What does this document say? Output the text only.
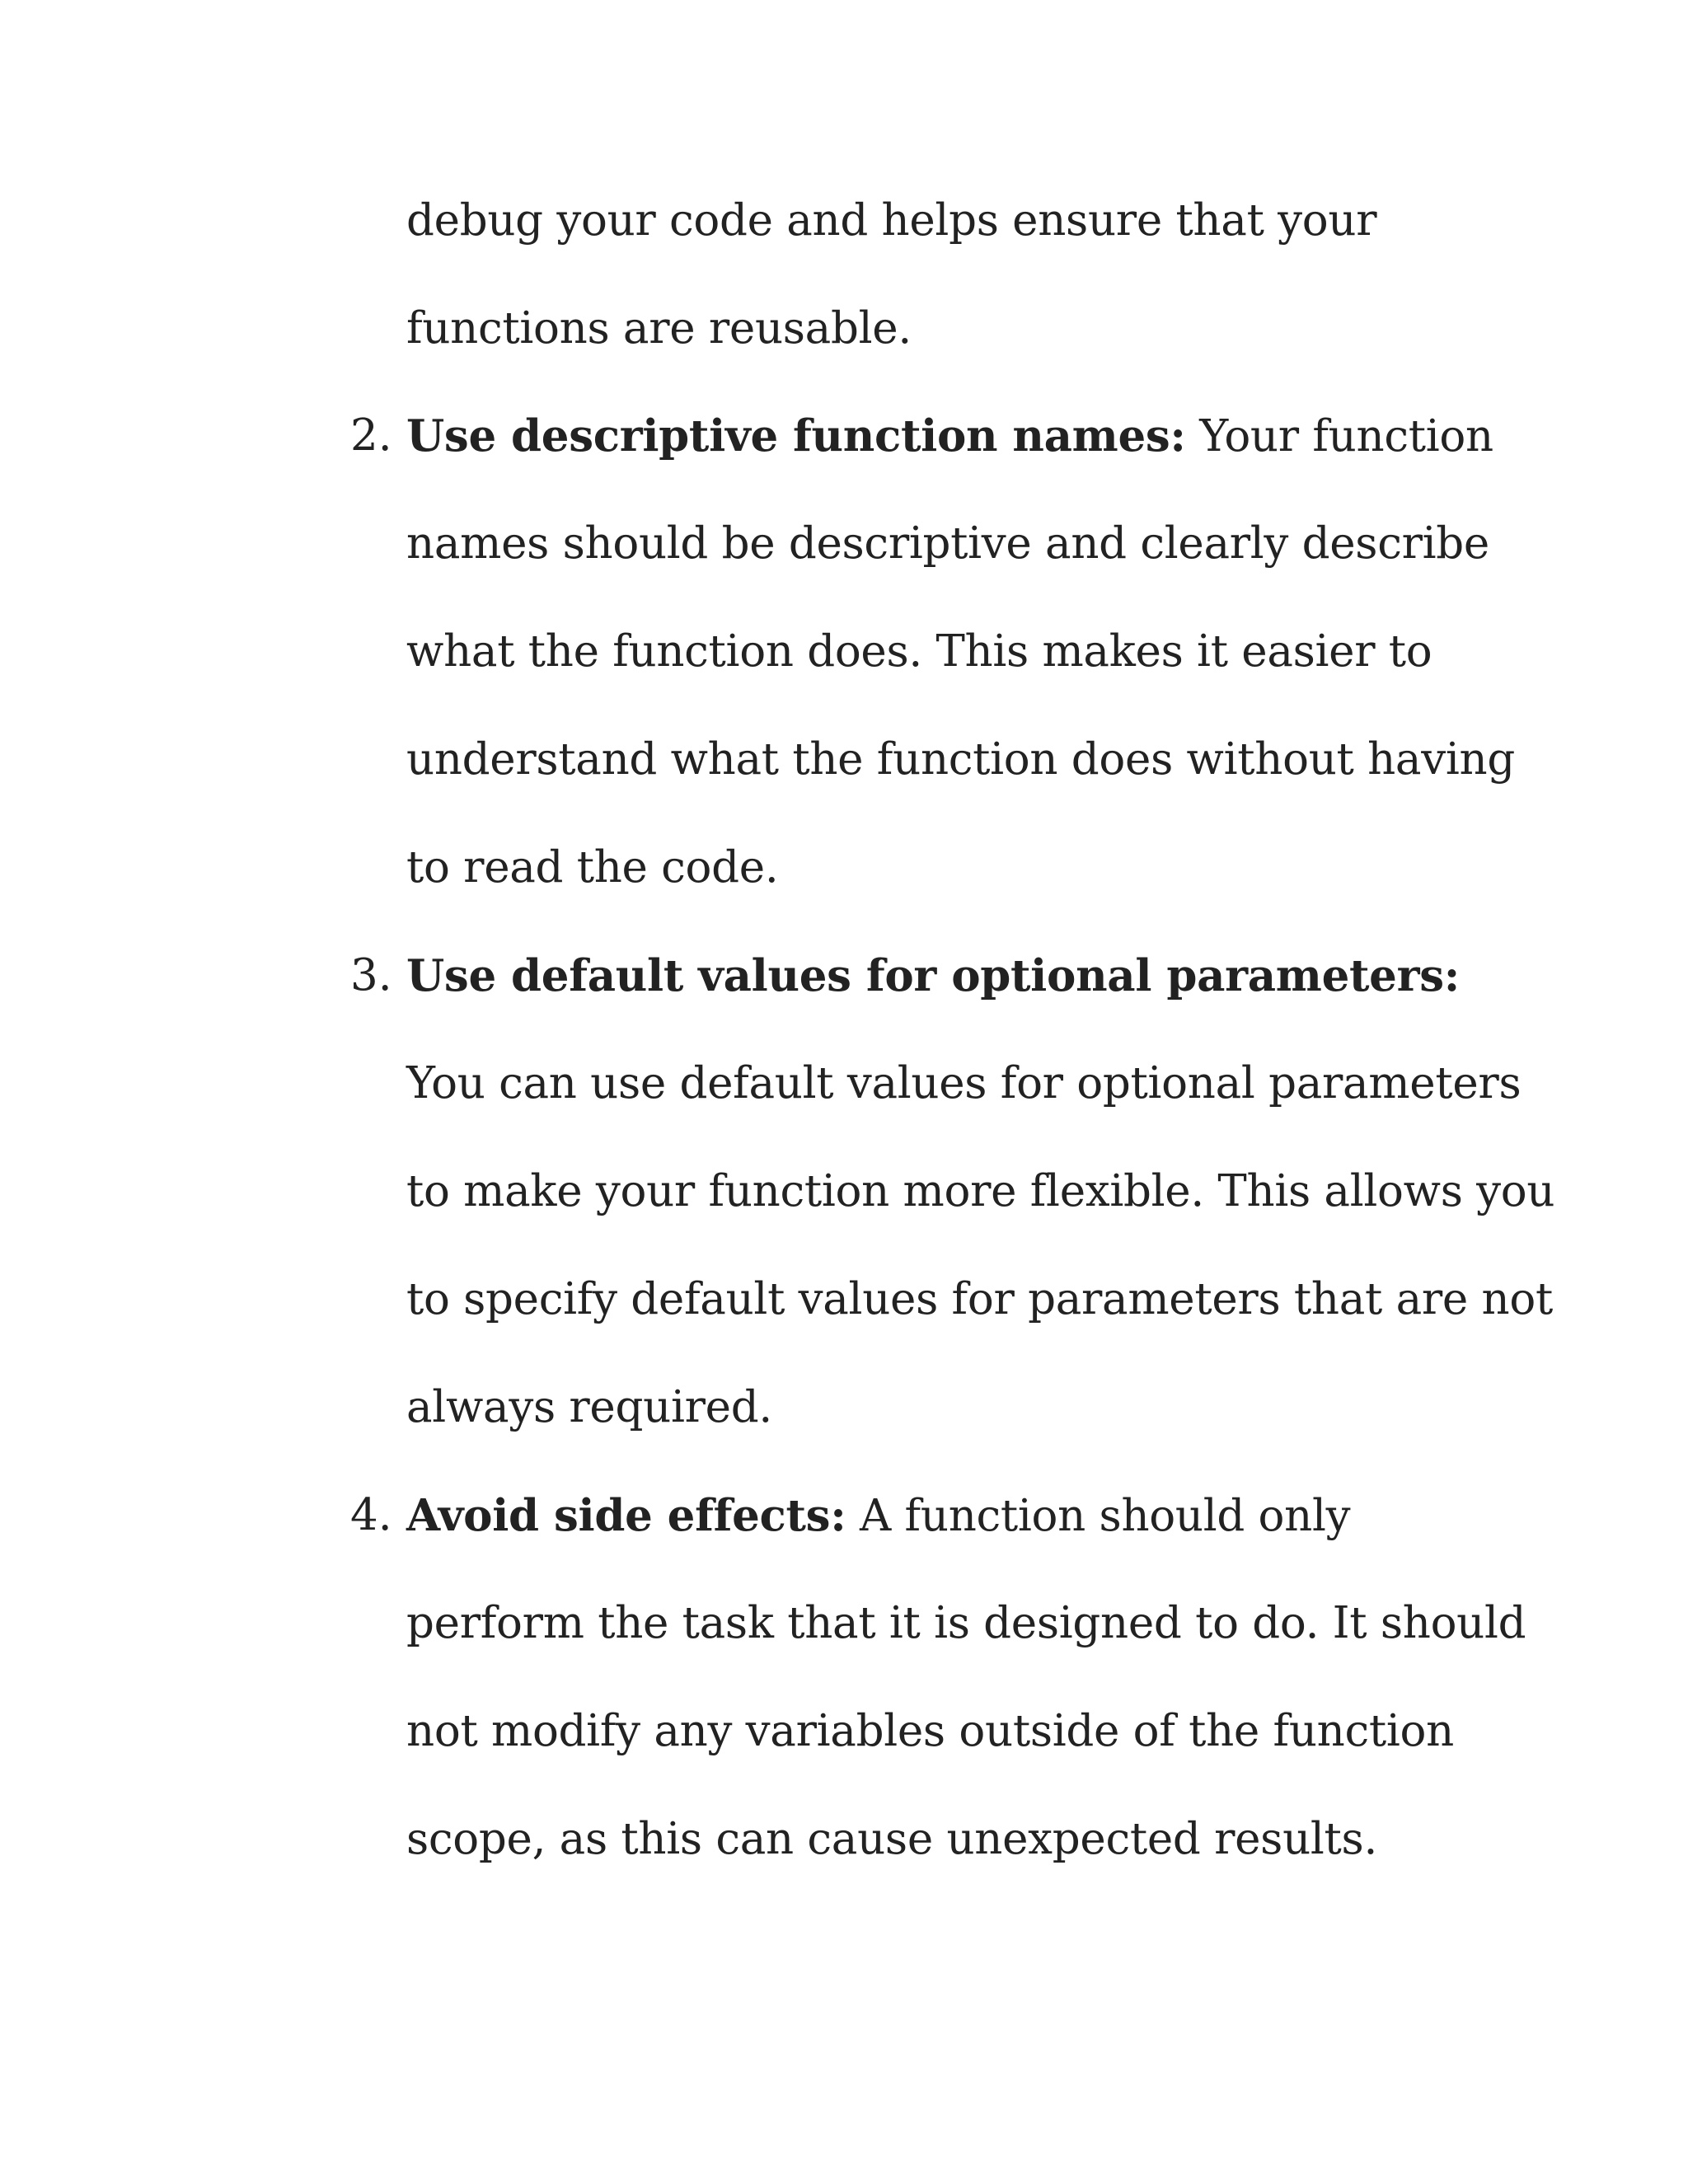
debug your code and helps ensure that your
functions are reusable.
2. Use descriptive function names: Your function
names should be descriptive and clearly describe
what the function does. This makes it easier to
understand what the function does without having
to read the code.
3. Use default values for optional parameters:
You can use default values for optional parameters
to make your function more flexible. This allows you
to specify default values for parameters that are not
always required.
4. Avoid side effects: A function should only
perform the task that it is designed to do. It should
not modify any variables outside of the function
scope, as this can cause unexpected results.
